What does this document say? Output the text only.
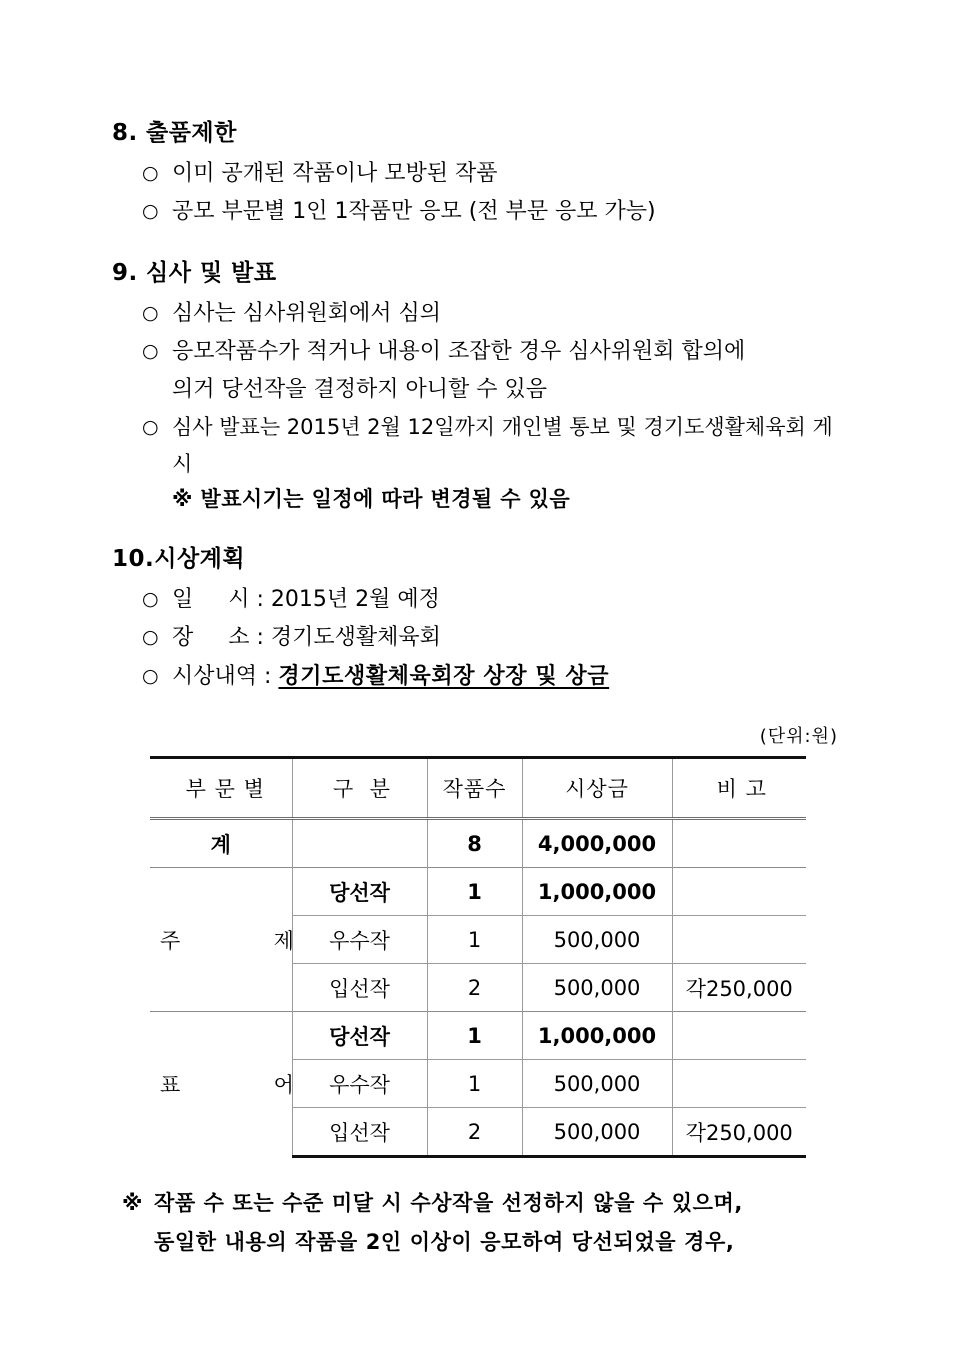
8. 출품제한
○ 이미 공개된 작품이나 모방된 작품
○ 공모 부문별 1인 1작품만 응모 (전 부문 응모 가능)
9. 심사 및 발표
○ 심사는 심사위원회에서 심의
○ 응모작품수가 적거나 내용이 조잡한 경우 심사위원회 합의에
의거 당선작을 결정하지 아니할 수 있음
○ 심사 발표는 2015년 2월 12일까지 개인별 통보 및 경기도생활체육회 게시
※ 발표시기는 일정에 따라 변경될 수 있음
10.시상계획
○ 일     시 : 2015년 2월 예정
○ 장     소 : 경기도생활체육회
○ 시상내역 : 경기도생활체육회장 상장 및 상금
(단위:원)
부 문 별	구  분	작품수	시상금	비 고
계		8	4,000,000	
주     제	당선작	1	1,000,000	
	우수작	1	500,000	
	입선작	2	500,000	각250,000
표     어	당선작	1	1,000,000	
	우수작	1	500,000	
	입선작	2	500,000	각250,000
※ 작품 수 또는 수준 미달 시 수상작을 선정하지 않을 수 있으며,
동일한 내용의 작품을 2인 이상이 응모하여 당선되었을 경우,
